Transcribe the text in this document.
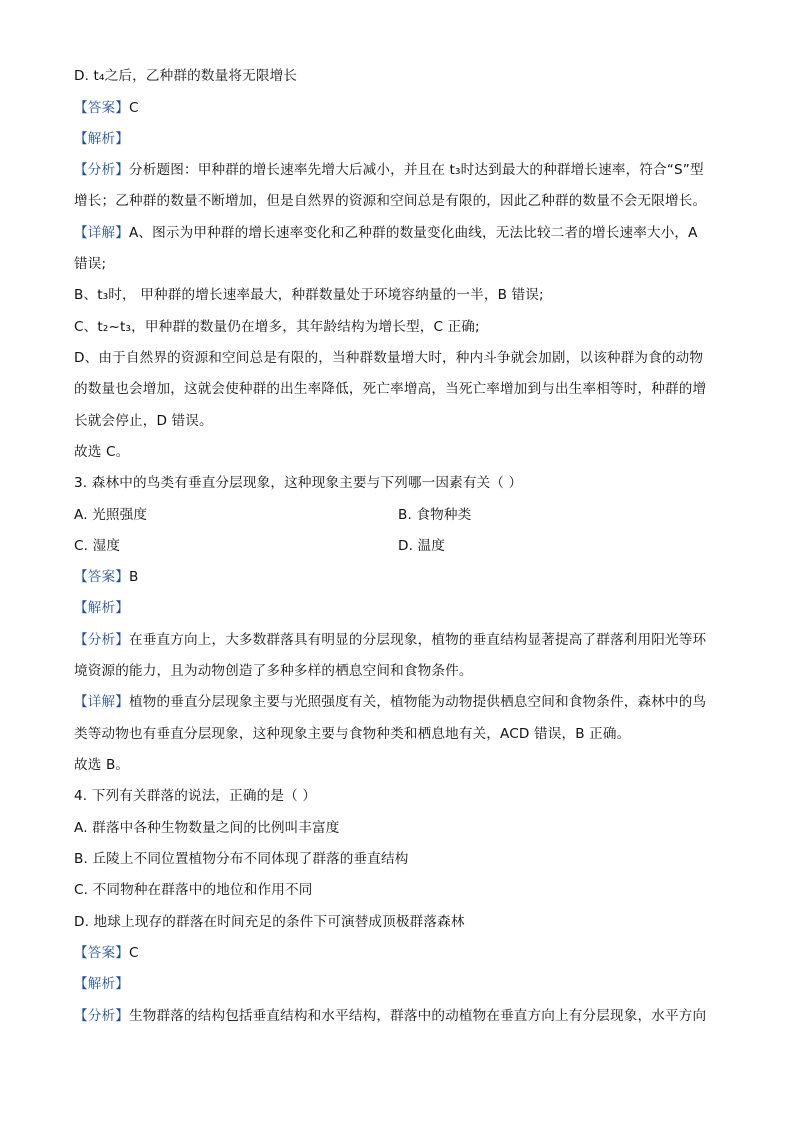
D. t₄之后，乙种群的数量将无限增长
【答案】C
【解析】
【分析】分析题图：甲种群的增长速率先增大后减小，并且在 t₃时达到最大的种群增长速率，符合“S”型
增长；乙种群的数量不断增加，但是自然界的资源和空间总是有限的，因此乙种群的数量不会无限增长。
【详解】A、图示为甲种群的增长速率变化和乙种群的数量变化曲线，无法比较二者的增长速率大小，A
错误;
B、t₃时， 甲种群的增长速率最大，种群数量处于环境容纳量的一半，B 错误;
C、t₂~t₃，甲种群的数量仍在增多，其年龄结构为增长型，C 正确;
D、由于自然界的资源和空间总是有限的，当种群数量增大时，种内斗争就会加剧，以该种群为食的动物
的数量也会增加，这就会使种群的出生率降低，死亡率增高，当死亡率增加到与出生率相等时，种群的增
长就会停止，D 错误。
故选 C。
3. 森林中的鸟类有垂直分层现象，这种现象主要与下列哪一因素有关（ ）
A. 光照强度	B. 食物种类
C. 湿度	D. 温度
【答案】B
【解析】
【分析】在垂直方向上，大多数群落具有明显的分层现象，植物的垂直结构显著提高了群落利用阳光等环
境资源的能力，且为动物创造了多种多样的栖息空间和食物条件。
【详解】植物的垂直分层现象主要与光照强度有关，植物能为动物提供栖息空间和食物条件，森林中的鸟
类等动物也有垂直分层现象，这种现象主要与食物种类和栖息地有关，ACD 错误，B 正确。
故选 B。
4. 下列有关群落的说法，正确的是（ ）
A. 群落中各种生物数量之间的比例叫丰富度
B. 丘陵上不同位置植物分布不同体现了群落的垂直结构
C. 不同物种在群落中的地位和作用不同
D. 地球上现存的群落在时间充足的条件下可演替成顶极群落森林
【答案】C
【解析】
【分析】生物群落的结构包括垂直结构和水平结构，群落中的动植物在垂直方向上有分层现象，水平方向
